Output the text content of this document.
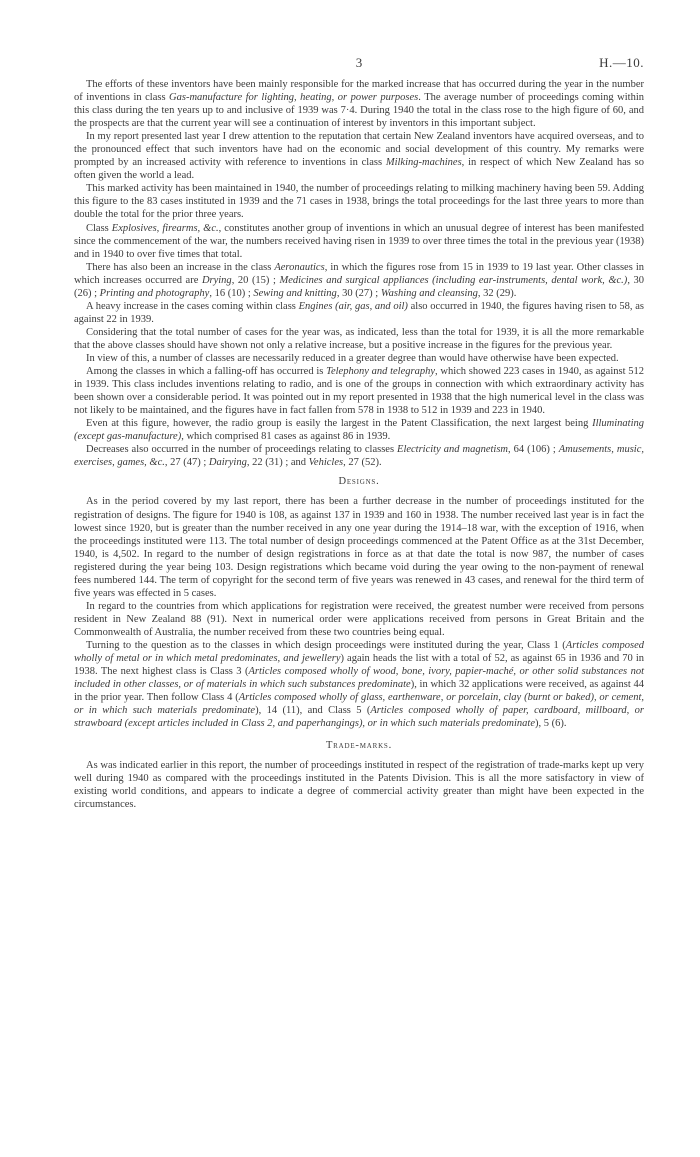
3	H.—10.

The efforts of these inventors have been mainly responsible for the marked increase that has occurred during the year in the number of inventions in class Gas-manufacture for lighting, heating, or power purposes. The average number of proceedings coming within this class during the ten years up to and inclusive of 1939 was 7·4. During 1940 the total in the class rose to the high figure of 60, and the prospects are that the current year will see a continuation of interest by inventors in this important subject.

In my report presented last year I drew attention to the reputation that certain New Zealand inventors have acquired overseas, and to the pronounced effect that such inventors have had on the economic and social development of this country. My remarks were prompted by an increased activity with reference to inventions in class Milking-machines, in respect of which New Zealand has so often given the world a lead.

This marked activity has been maintained in 1940, the number of proceedings relating to milking machinery having been 59. Adding this figure to the 83 cases instituted in 1939 and the 71 cases in 1938, brings the total proceedings for the last three years to more than double the total for the prior three years.

Class Explosives, firearms, &c., constitutes another group of inventions in which an unusual degree of interest has been manifested since the commencement of the war, the numbers received having risen in 1939 to over three times the total in the previous year (1938) and in 1940 to over five times that total.

There has also been an increase in the class Aeronautics, in which the figures rose from 15 in 1939 to 19 last year. Other classes in which increases occurred are Drying, 20 (15) ; Medicines and surgical appliances (including ear-instruments, dental work, &c.), 30 (26) ; Printing and photography, 16 (10) ; Sewing and knitting, 30 (27) ; Washing and cleansing, 32 (29).

A heavy increase in the cases coming within class Engines (air, gas, and oil) also occurred in 1940, the figures having risen to 58, as against 22 in 1939.

Considering that the total number of cases for the year was, as indicated, less than the total for 1939, it is all the more remarkable that the above classes should have shown not only a relative increase, but a positive increase in the figures for the previous year.

In view of this, a number of classes are necessarily reduced in a greater degree than would have otherwise have been expected.

Among the classes in which a falling-off has occurred is Telephony and telegraphy, which showed 223 cases in 1940, as against 512 in 1939. This class includes inventions relating to radio, and is one of the groups in connection with which extraordinary activity has been shown over a considerable period. It was pointed out in my report presented in 1938 that the high numerical level in the class was not likely to be maintained, and the figures have in fact fallen from 578 in 1938 to 512 in 1939 and 223 in 1940.

Even at this figure, however, the radio group is easily the largest in the Patent Classification, the next largest being Illuminating (except gas-manufacture), which comprised 81 cases as against 86 in 1939.

Decreases also occurred in the number of proceedings relating to classes Electricity and magnetism, 64 (106) ; Amusements, music, exercises, games, &c., 27 (47) ; Dairying, 22 (31) ; and Vehicles, 27 (52).

Designs.

As in the period covered by my last report, there has been a further decrease in the number of proceedings instituted for the registration of designs. The figure for 1940 is 108, as against 137 in 1939 and 160 in 1938. The number received last year is in fact the lowest since 1920, but is greater than the number received in any one year during the 1914–18 war, with the exception of 1916, when the proceedings instituted were 113. The total number of design proceedings commenced at the Patent Office as at the 31st December, 1940, is 4,502. In regard to the number of design registrations in force as at that date the total is now 987, the number of cases registered during the year being 103. Design registrations which became void during the year owing to the non-payment of renewal fees numbered 144. The term of copyright for the second term of five years was renewed in 43 cases, and renewal for the third term of five years was effected in 5 cases.

In regard to the countries from which applications for registration were received, the greatest number were received from persons resident in New Zealand 88 (91). Next in numerical order were applications received from persons in Great Britain and the Commonwealth of Australia, the number received from these two countries being equal.

Turning to the question as to the classes in which design proceedings were instituted during the year, Class 1 (Articles composed wholly of metal or in which metal predominates, and jewellery) again heads the list with a total of 52, as against 65 in 1936 and 70 in 1938. The next highest class is Class 3 (Articles composed wholly of wood, bone, ivory, papier-maché, or other solid substances not included in other classes, or of materials in which such substances predominate), in which 32 applications were received, as against 44 in the prior year. Then follow Class 4 (Articles composed wholly of glass, earthenware, or porcelain, clay (burnt or baked), or cement, or in which such materials predominate), 14 (11), and Class 5 (Articles composed wholly of paper, cardboard, millboard, or strawboard (except articles included in Class 2, and paperhangings), or in which such materials predominate), 5 (6).

Trade-marks.

As was indicated earlier in this report, the number of proceedings instituted in respect of the registration of trade-marks kept up very well during 1940 as compared with the proceedings instituted in the Patents Division. This is all the more satisfactory in view of existing world conditions, and appears to indicate a degree of commercial activity greater than might have been expected in the circumstances.
